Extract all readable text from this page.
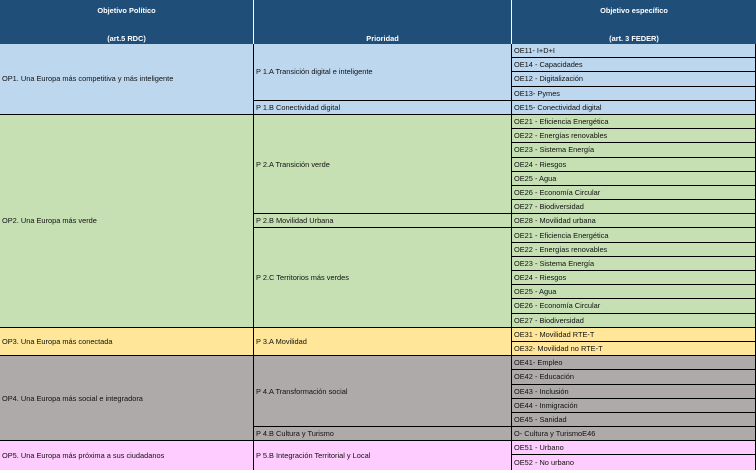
Objetivo Político
(art.5 RDC)	Prioridad
Objetivo específico
(art. 3 FEDER)
OP1. Una Europa más competitiva y más inteligente
OP2. Una Europa más verde
OP3. Una Europa más conectada
OP4. Una Europa más social e integradora
OP5. Una Europa más próxima a sus ciudadanos
P 1.A Transición digital e inteligente
P 1.B Conectividad digital
P 2.A Transición verde
P 2.B Movilidad Urbana
P 2.C Territorios más verdes
P 3.A Movilidad
P 4.A Transformación social
P 4.B Cultura y Turismo
P 5.B Integración Territorial y Local
OE11- I+D+I
OE14 - Capacidades
OE12 - Digitalización
OE13- Pymes
OE15- Conectividad digital
OE21 - Eficiencia Energética
OE22 - Energías renovables
OE23 - Sistema Energía
OE24 - Riesgos
OE25 - Agua
OE26 - Economía Circular
OE27 - Biodiversidad
OE28 - Movilidad urbana
OE21 - Eficiencia Energética
OE22 - Energías renovables
OE23 - Sistema Energía
OE24 - Riesgos
OE25 - Agua
OE26 - Economía Circular
OE27 - Biodiversidad
OE31 - Movilidad RTE-T
OE32- Movilidad no RTE-T
OE41- Empleo
OE42 - Educación
OE43 - Inclusión
OE44 - Inmigración
OE45 - Sanidad
O- Cultura y TurismoE46
OE51 - Urbano
OE52 - No urbano
